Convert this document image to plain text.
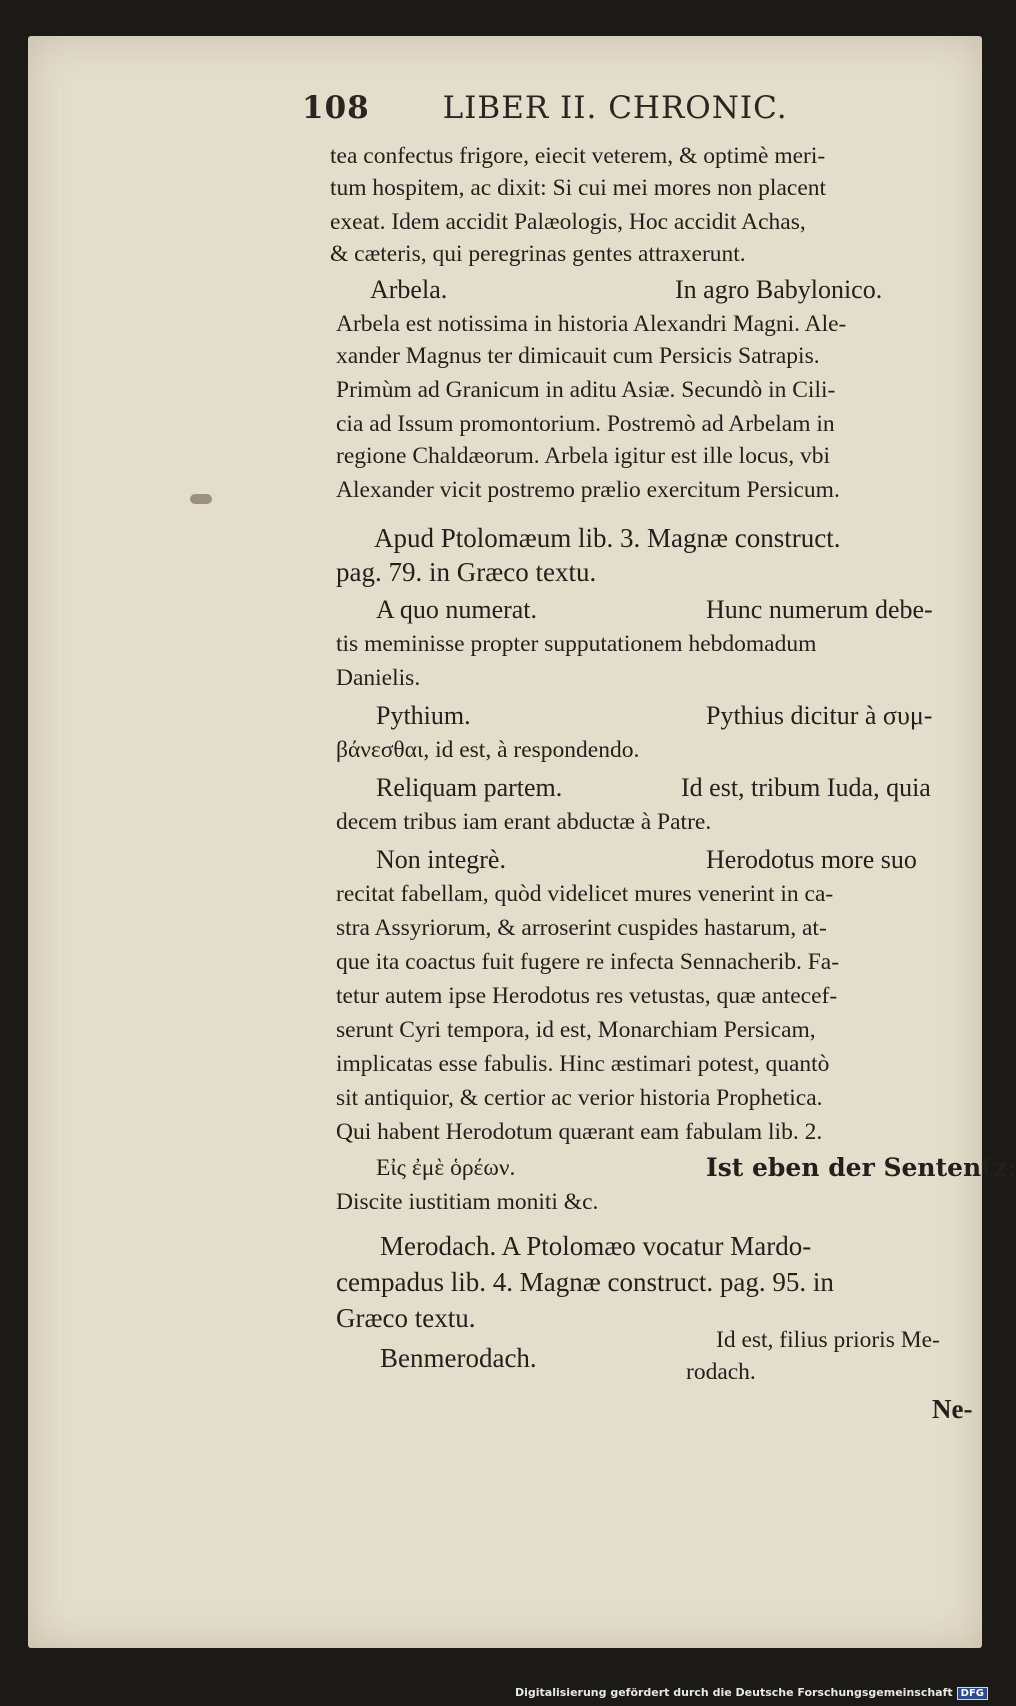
108 LIBER II. CHRONIC.
tea confectus frigore, eiecit veterem, & optimè meri-
tum hospitem, ac dixit: Si cui mei mores non placent
exeat. Idem accidit Palæologis, Hoc accidit Achas,
& cæteris, qui peregrinas gentes attraxerunt.
Arbela.	In agro Babylonico.
Arbela est notissima in historia Alexandri Magni. Ale-
xander Magnus ter dimicauit cum Persicis Satrapis.
Primùm ad Granicum in aditu Asiæ. Secundò in Cili-
cia ad Issum promontorium. Postremò ad Arbelam in
regione Chaldæorum. Arbela igitur est ille locus, vbi
Alexander vicit postremo prælio exercitum Persicum.
Apud Ptolomæum lib. 3. Magnæ construct.
pag. 79. in Græco textu.
A quo numerat.	Hunc numerum debe-
tis meminisse propter supputationem hebdomadum
Danielis.
Pythium.	Pythius dicitur à συμ-
βάνεσθαι, id est, à respondendo.
Reliquam partem.	Id est, tribum Iuda, quia
decem tribus iam erant abductæ à Patre.
Non integrè.	Herodotus more suo
recitat fabellam, quòd videlicet mures venerint in ca-
stra Assyriorum, & arroserint cuspides hastarum, at-
que ita coactus fuit fugere re infecta Sennacherib. Fa-
tetur autem ipse Herodotus res vetustas, quæ antecef-
serunt Cyri tempora, id est, Monarchiam Persicam,
implicatas esse fabulis. Hinc æstimari potest, quantò
sit antiquior, & certior ac verior historia Prophetica.
Qui habent Herodotum quærant eam fabulam lib. 2.
Εἰς ἐμὲ ὁρέων.	Ist eben der Sententz:
Discite iustitiam moniti &c.
Merodach. A Ptolomæo vocatur Mardo-
cempadus lib. 4. Magnæ construct. pag. 95. in
Græco textu.
Benmerodach.
Id est, filius prioris Me-
rodach.
Ne-
Digitalisierung gefördert durch die Deutsche Forschungsgemeinschaft DFG
